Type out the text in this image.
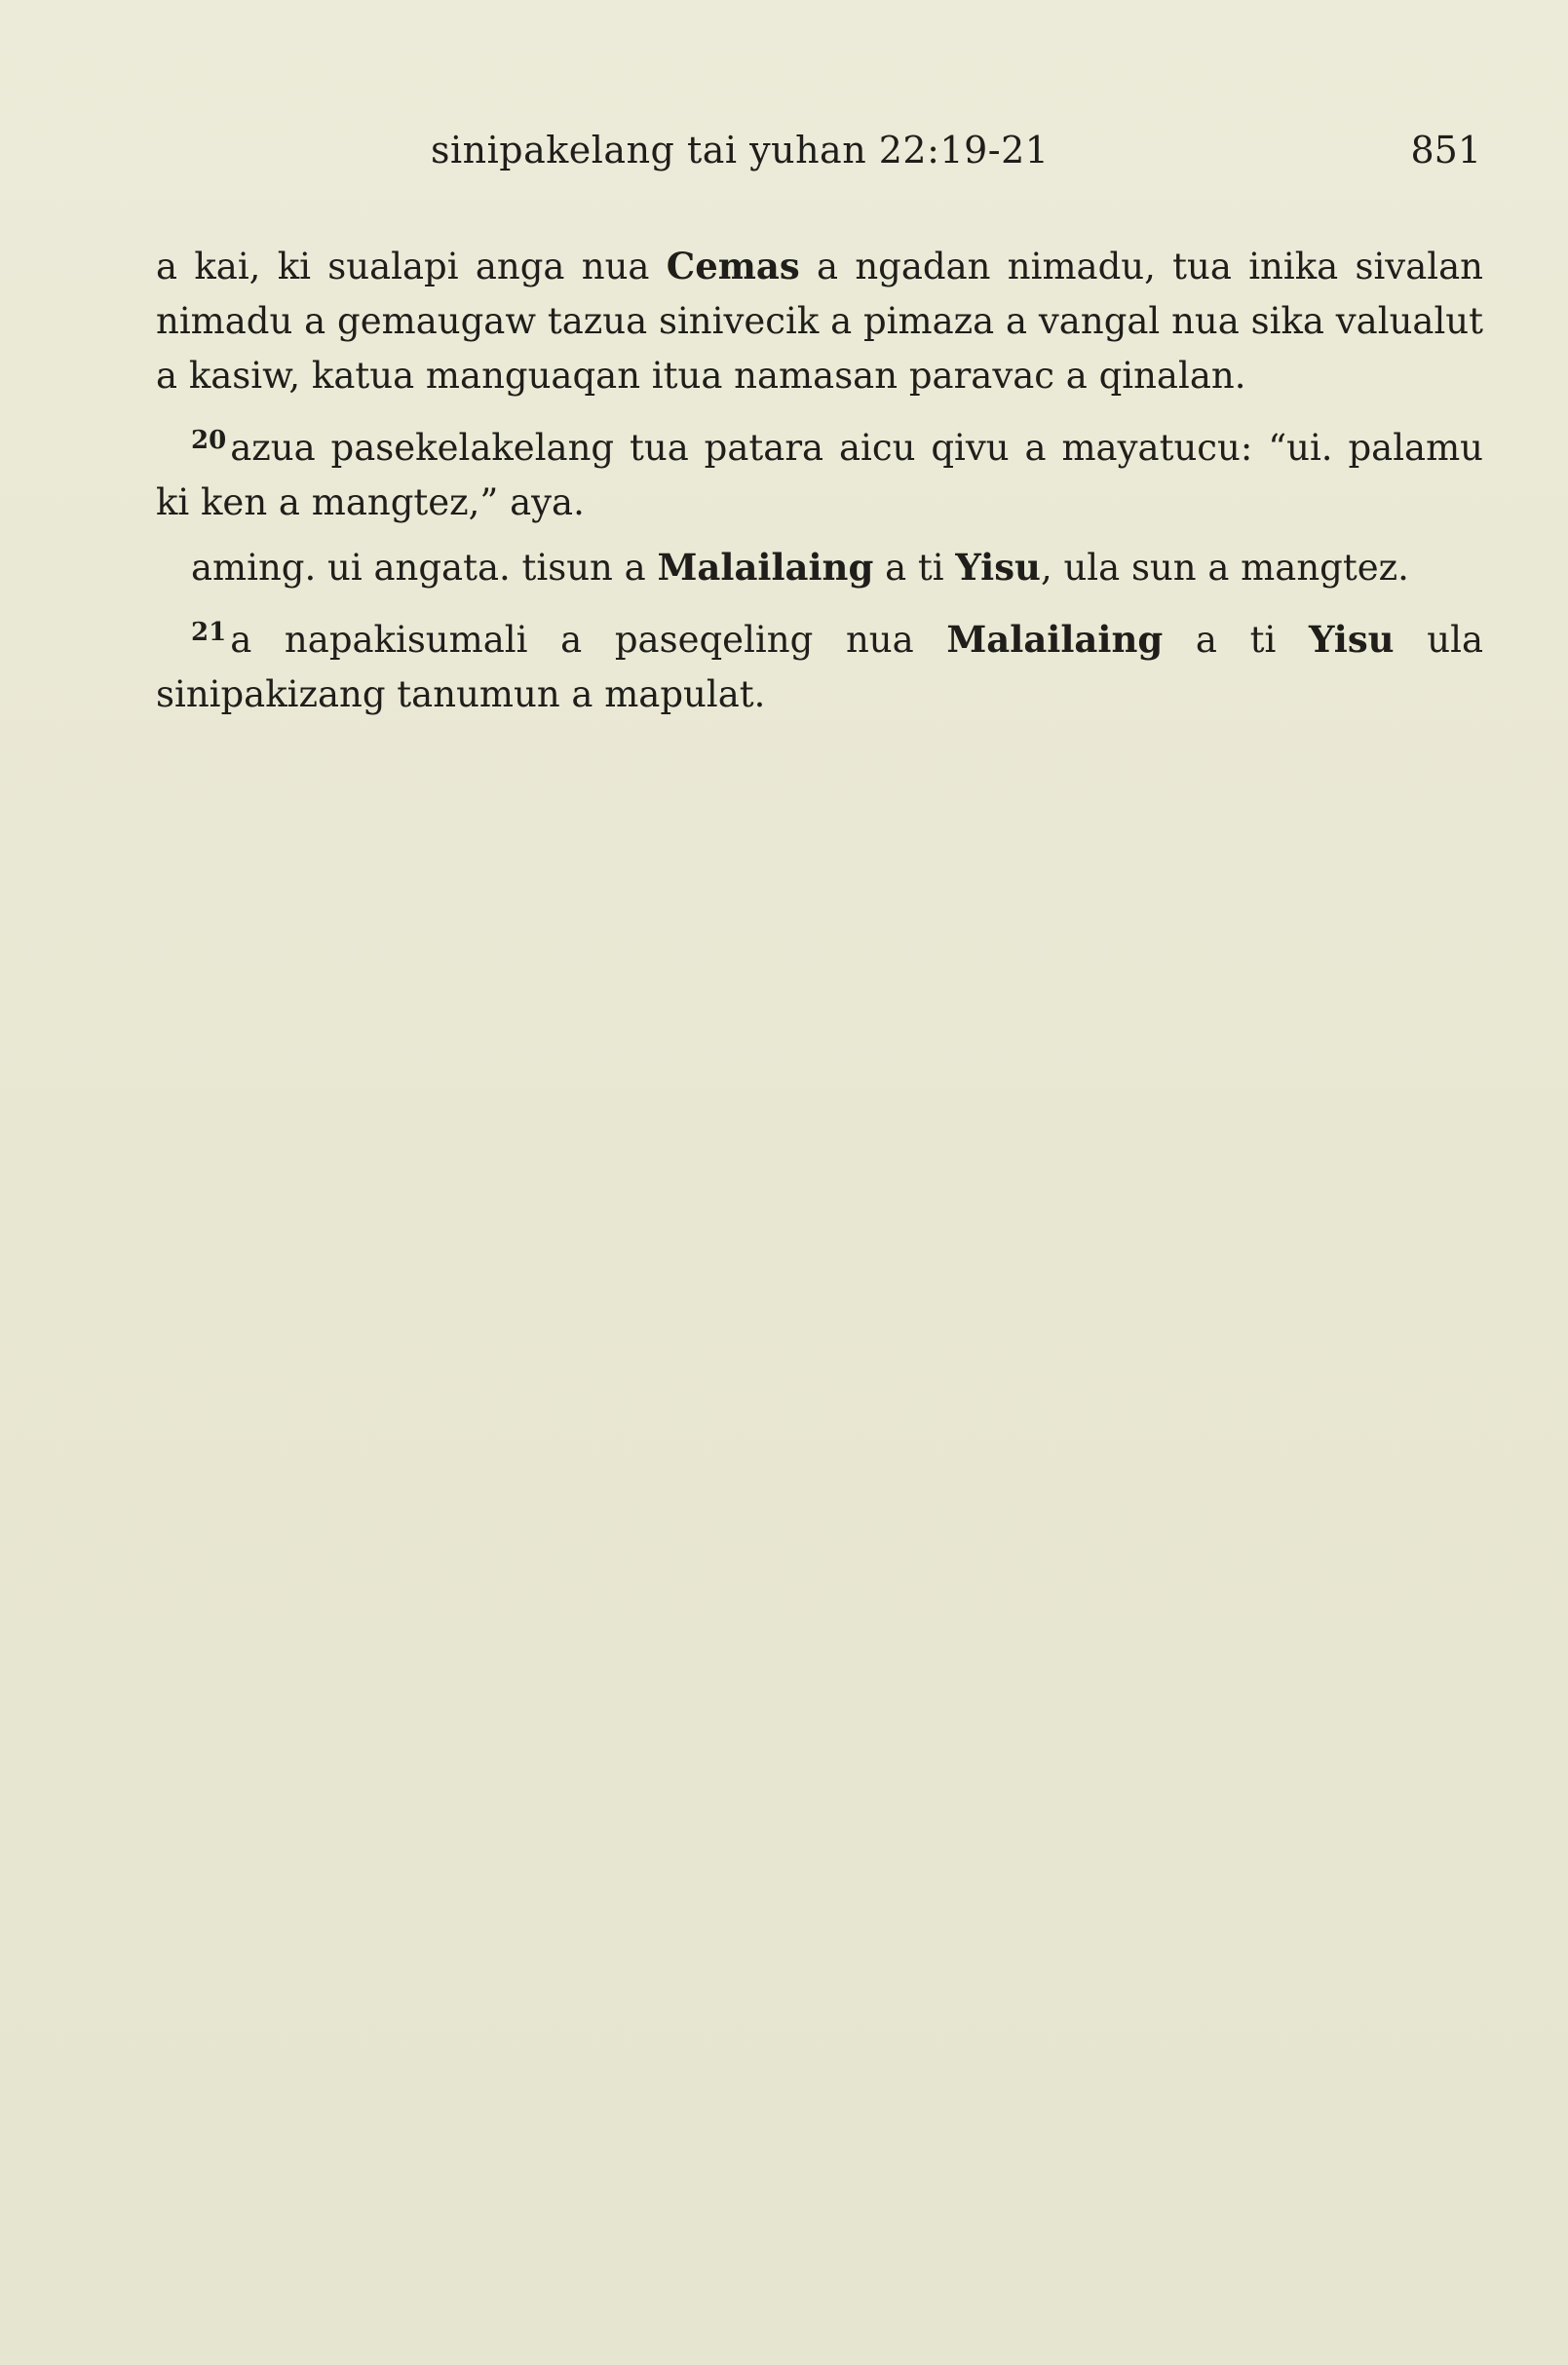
sinipakelang tai yuhan 22:19-21	851

a kai, ki sualapi anga nua Cemas a ngadan nimadu, tua inika sivalan nimadu a gemaugaw tazua sinivecik a pimaza a vangal nua sika valualut a kasiw, katua manguaqan itua namasan paravac a qinalan.

$^{20}$ azua pasekelakelang tua patara aicu qivu a mayatucu: “ui. palamu ki ken a mangtez,” aya.

aming. ui angata. tisun a Malailaing a ti Yisu, ula sun a mangtez.

$^{21}$ a napakisumali a paseqeling nua Malailaing a ti Yisu ula sinipakizang tanumun a mapulat.
